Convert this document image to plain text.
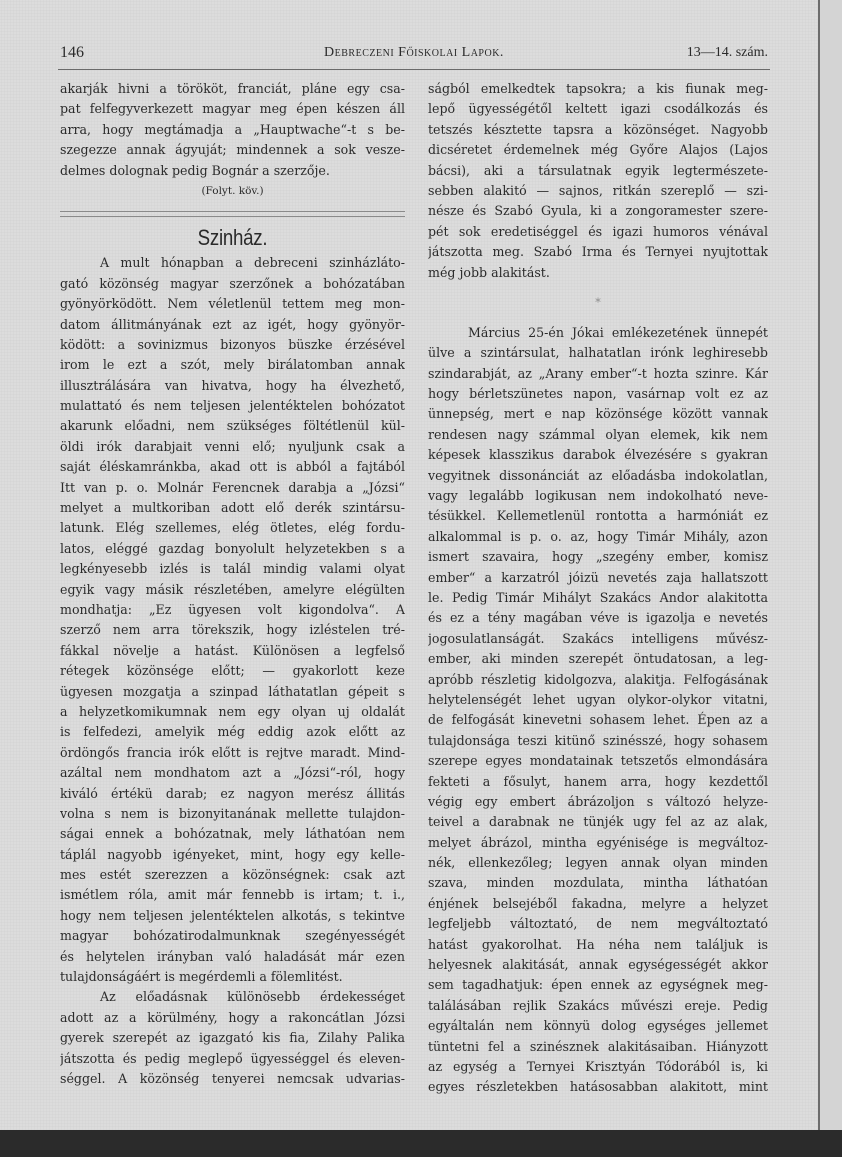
146	Debreczeni Főiskolai Lapok.	13—14. szám.
akarják hivni a törököt, franciát, pláne egy csa-
pat felfegyverkezett magyar meg épen készen áll
arra, hogy megtámadja a „Hauptwache“-t s be-
szegezze annak ágyuját; mindennek a sok vesze-
delmes dolognak pedig Bognár a szerzője.
(Folyt. köv.)
Szinház.
A mult hónapban a debreceni szinházláto-
gató közönség magyar szerzőnek a bohózatában
gyönyörködött. Nem véletlenül tettem meg mon-
datom állitmányának ezt az igét, hogy gyönyör-
ködött: a sovinizmus bizonyos büszke érzésével
irom le ezt a szót, mely birálatomban annak
illusztrálására van hivatva, hogy ha élvezhető,
mulattató és nem teljesen jelentéktelen bohózatot
akarunk előadni, nem szükséges föltétlenül kül-
öldi irók darabjait venni elő; nyuljunk csak a
saját éléskamránkba, akad ott is abból a fajtából
Itt van p. o. Molnár Ferencnek darabja a „Józsi“
melyet a multkoriban adott elő derék szintársu-
latunk. Elég szellemes, elég ötletes, elég fordu-
latos, eléggé gazdag bonyolult helyzetekben s a
legkényesebb izlés is talál mindig valami olyat
egyik vagy másik részletében, amelyre elégülten
mondhatja: „Ez ügyesen volt kigondolva“. A
szerző nem arra törekszik, hogy izléstelen tré-
fákkal növelje a hatást. Különösen a legfelső
rétegek közönsége előtt; — gyakorlott keze
ügyesen mozgatja a szinpad láthatatlan gépeit s
a helyzetkomikumnak nem egy olyan uj oldalát
is felfedezi, amelyik még eddig azok előtt az
ördöngős francia irók előtt is rejtve maradt. Mind-
azáltal nem mondhatom azt a „Józsi“-ról, hogy
kiváló értékü darab; ez nagyon merész állitás
volna s nem is bizonyitanának mellette tulajdon-
ságai ennek a bohózatnak, mely láthatóan nem
táplál nagyobb igényeket, mint, hogy egy kelle-
mes estét szerezzen a közönségnek: csak azt
ismétlem róla, amit már fennebb is irtam; t. i.,
hogy nem teljesen jelentéktelen alkotás, s tekintve
magyar bohózatirodalmunknak szegényességét
és helytelen irányban való haladását már ezen
tulajdonságáért is megérdemli a fölemlitést.
Az előadásnak különösebb érdekességet
adott az a körülmény, hogy a rakoncátlan Józsi
gyerek szerepét az igazgató kis fia, Zilahy Palika
játszotta és pedig meglepő ügyességgel és eleven-
séggel. A közönség tenyerei nemcsak udvarias-
ságból emelkedtek tapsokra; a kis fiunak meg-
lepő ügyességétől keltett igazi csodálkozás és
tetszés késztette tapsra a közönséget. Nagyobb
dicséretet érdemelnek még Győre Alajos (Lajos
bácsi), aki a társulatnak egyik legtermészete-
sebben alakitó — sajnos, ritkán szereplő — szi-
nésze és Szabó Gyula, ki a zongoramester szere-
pét sok eredetiséggel és igazi humoros vénával
játszotta meg. Szabó Irma és Ternyei nyujtottak
még jobb alakitást.
*
Március 25-én Jókai emlékezetének ünnepét
ülve a szintársulat, halhatatlan irónk leghiresebb
szindarabját, az „Arany ember“-t hozta szinre. Kár
hogy bérletszünetes napon, vasárnap volt ez az
ünnepség, mert e nap közönsége között vannak
rendesen nagy számmal olyan elemek, kik nem
képesek klasszikus darabok élvezésére s gyakran
vegyitnek dissonánciát az előadásba indokolatlan,
vagy legalább logikusan nem indokolható neve-
tésükkel. Kellemetlenül rontotta a harmóniát ez
alkalommal is p. o. az, hogy Timár Mihály, azon
ismert szavaira, hogy „szegény ember, komisz
ember“ a karzatról jóizü nevetés zaja hallatszott
le. Pedig Timár Mihályt Szakács Andor alakitotta
és ez a tény magában véve is igazolja e nevetés
jogosulatlanságát. Szakács intelligens művész-
ember, aki minden szerepét öntudatosan, a leg-
apróbb részletig kidolgozva, alakitja. Felfogásának
helytelenségét lehet ugyan olykor-olykor vitatni,
de felfogását kinevetni sohasem lehet. Épen az a
tulajdonsága teszi kitünő szinésszé, hogy sohasem
szerepe egyes mondatainak tetszetős elmondására
fekteti a fősulyt, hanem arra, hogy kezdettől
végig egy embert ábrázoljon s változó helyze-
teivel a darabnak ne tünjék ugy fel az az alak,
melyet ábrázol, mintha egyénisége is megváltoz-
nék, ellenkezőleg; legyen annak olyan minden
szava, minden mozdulata, mintha láthatóan
énjének belsejéből fakadna, melyre a helyzet
legfeljebb változtató, de nem megváltoztató
hatást gyakorolhat. Ha néha nem találjuk is
helyesnek alakitását, annak egységességét akkor
sem tagadhatjuk: épen ennek az egységnek meg-
találásában rejlik Szakács művészi ereje. Pedig
egyáltalán nem könnyü dolog egységes jellemet
tüntetni fel a szinésznek alakitásaiban. Hiányzott
az egység a Ternyei Krisztyán Tódorából is, ki
egyes részletekben hatásosabban alakitott, mint
